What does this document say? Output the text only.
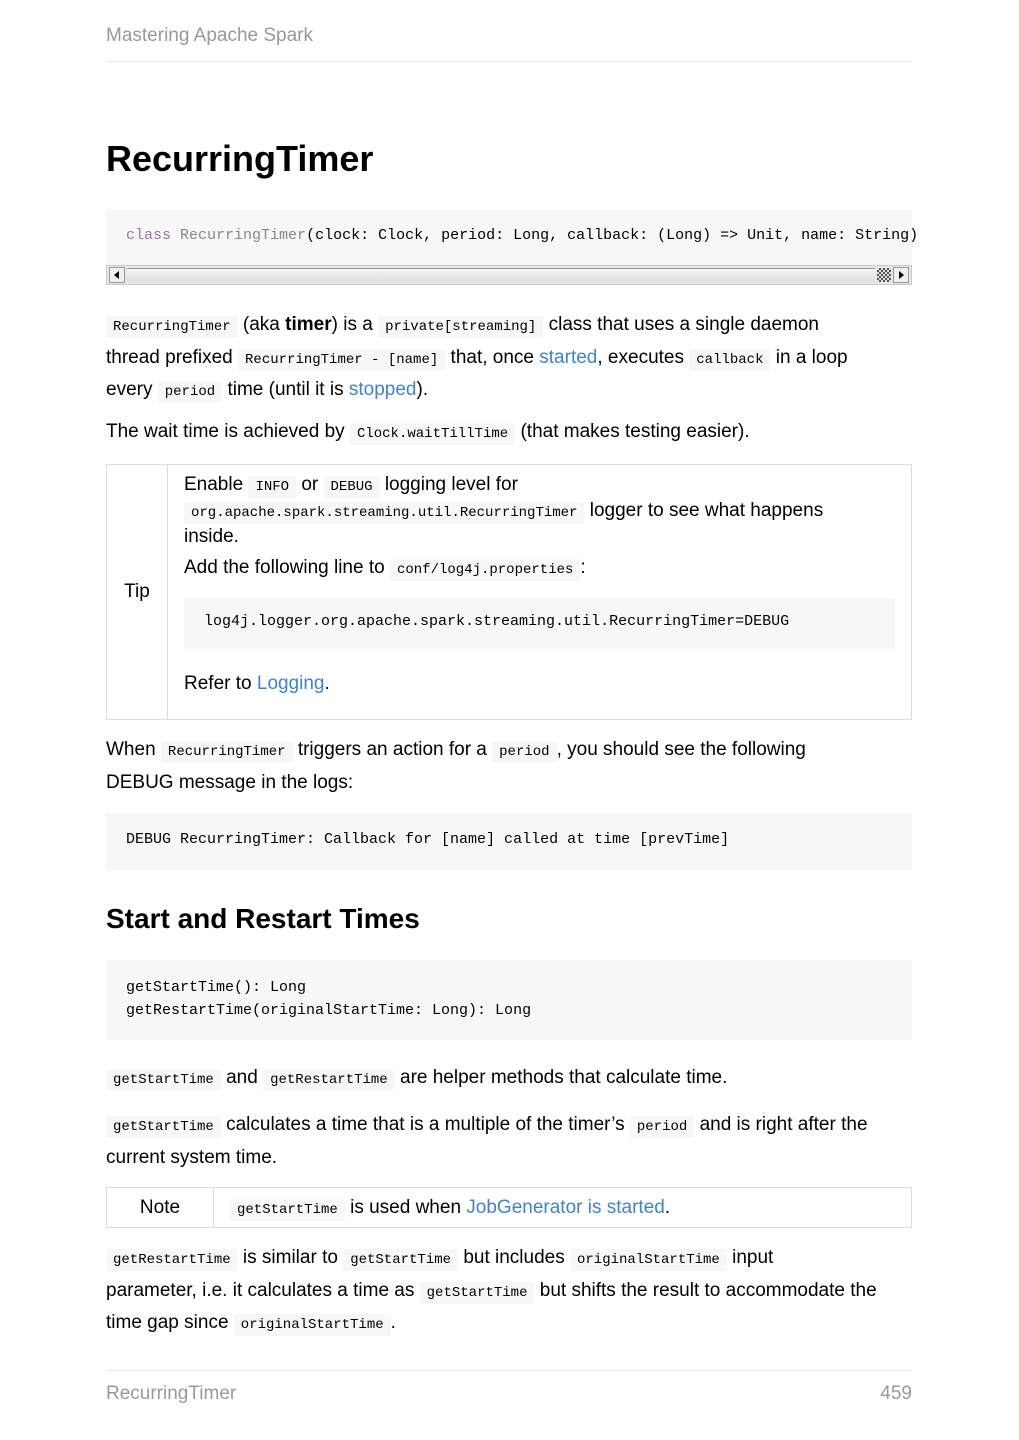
Mastering Apache Spark
RecurringTimer
class RecurringTimer(clock: Clock, period: Long, callback: (Long) => Unit, name: String)
RecurringTimer (aka timer) is a private[streaming] class that uses a single daemon
thread prefixed RecurringTimer - [name] that, once started, executes callback in a loop
every period time (until it is stopped).
The wait time is achieved by Clock.waitTillTime (that makes testing easier).
Tip
Enable INFO or DEBUG logging level for
org.apache.spark.streaming.util.RecurringTimer logger to see what happens
inside.
Add the following line to conf/log4j.properties :
log4j.logger.org.apache.spark.streaming.util.RecurringTimer=DEBUG
Refer to Logging.
When RecurringTimer triggers an action for a period , you should see the following
DEBUG message in the logs:
DEBUG RecurringTimer: Callback for [name] called at time [prevTime]
Start and Restart Times
getStartTime(): Long
getRestartTime(originalStartTime: Long): Long
getStartTime and getRestartTime are helper methods that calculate time.
getStartTime calculates a time that is a multiple of the timer’s period and is right after the
current system time.
Note	getStartTime is used when JobGenerator is started.
getRestartTime is similar to getStartTime but includes originalStartTime input
parameter, i.e. it calculates a time as getStartTime but shifts the result to accommodate the
time gap since originalStartTime .
RecurringTimer	459
